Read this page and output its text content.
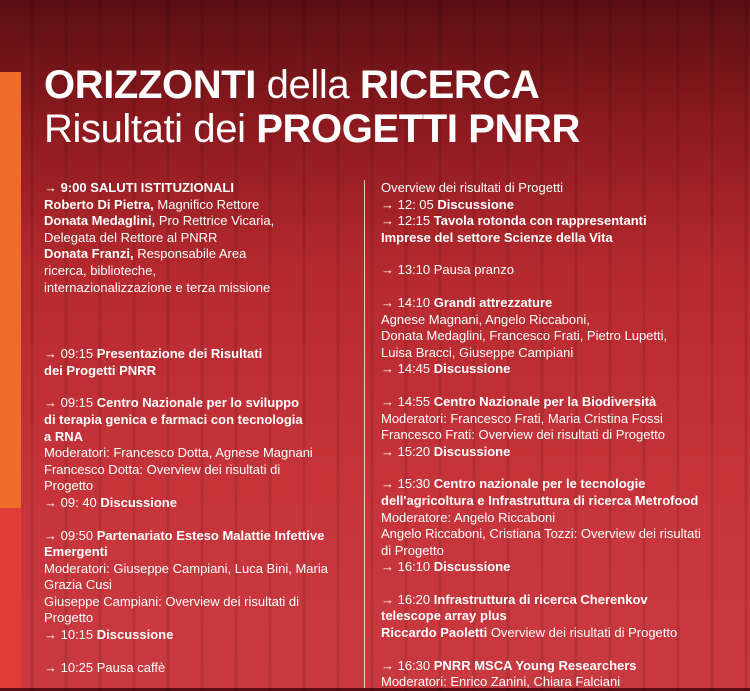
ORIZZONTI della RICERCA
Risultati dei PROGETTI PNRR
→ 9:00 SALUTI ISTITUZIONALI
Roberto Di Pietra, Magnifico Rettore
Donata Medaglini, Pro Rettrice Vicaria,
Delegata del Rettore al PNRR
Donata Franzi, Responsabile Area
ricerca, biblioteche,
internazionalizzazione e terza missione
→ 09:15 Presentazione dei Risultati
dei Progetti PNRR
→ 09:15 Centro Nazionale per lo sviluppo
di terapia genica e farmaci con tecnologia
a RNA
Moderatori: Francesco Dotta, Agnese Magnani
Francesco Dotta: Overview dei risultati di
Progetto
→ 09: 40 Discussione
→ 09:50 Partenariato Esteso Malattie Infettive
Emergenti
Moderatori: Giuseppe Campiani, Luca Bini, Maria
Grazia Cusi
Giuseppe Campiani: Overview dei risultati di
Progetto
→ 10:15 Discussione
→ 10:25 Pausa caffè
Overview dei risultati di Progetti
→ 12: 05 Discussione
→ 12:15 Tavola rotonda con rappresentanti
Imprese del settore Scienze della Vita
→ 13:10 Pausa pranzo
→ 14:10 Grandi attrezzature
Agnese Magnani, Angelo Riccaboni,
Donata Medaglini, Francesco Frati, Pietro Lupetti,
Luisa Bracci, Giuseppe Campiani
→ 14:45 Discussione
→ 14:55 Centro Nazionale per la Biodiversità
Moderatori: Francesco Frati, Maria Cristina Fossi
Francesco Frati: Overview dei risultati di Progetto
→ 15:20 Discussione
→ 15:30 Centro nazionale per le tecnologie
dell'agricoltura e Infrastruttura di ricerca Metrofood
Moderatore: Angelo Riccaboni
Angelo Riccaboni, Cristiana Tozzi: Overview dei risultati
di Progetto
→ 16:10 Discussione
→ 16:20 Infrastruttura di ricerca Cherenkov
telescope array plus
Riccardo Paoletti Overview dei risultati di Progetto
→ 16:30 PNRR MSCA Young Researchers
Moderatori: Enrico Zanini, Chiara Falciani
